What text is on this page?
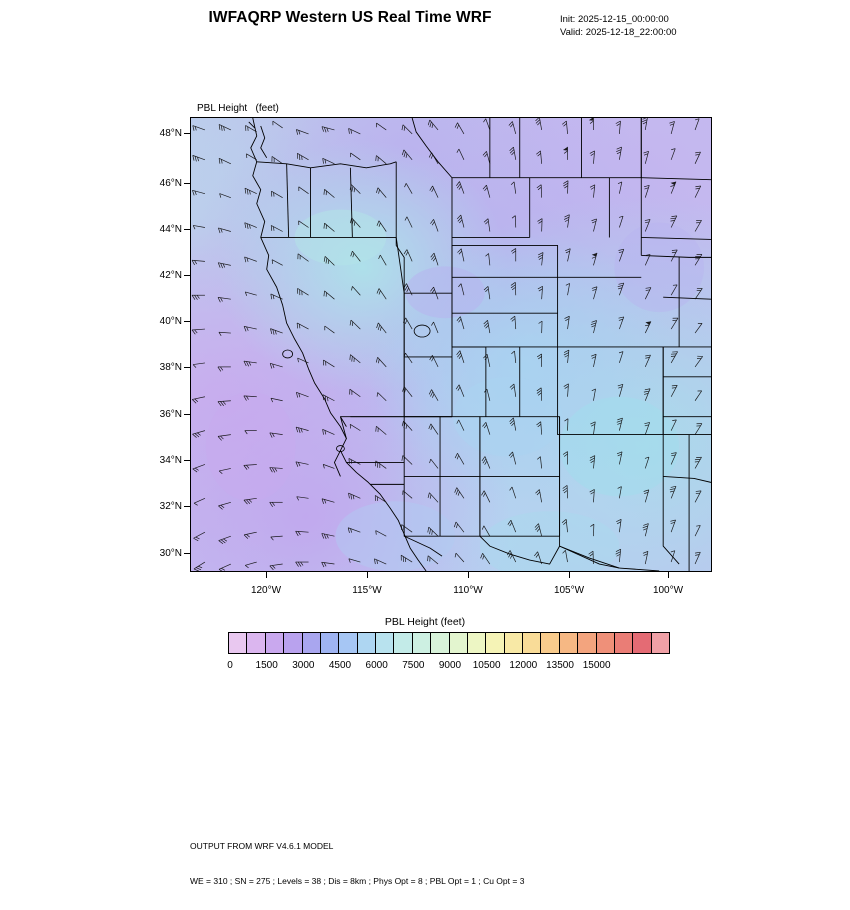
IWFAQRP Western US Real Time WRF	Init: 2025-12-15_00:00:00
Valid: 2025-12-18_22:00:00

PBL Height   (feet)

48°N
46°N
44°N
42°N
40°N
38°N
36°N
34°N
32°N
30°N
120°W	115°W	110°W	105°W	100°W
PBL Height (feet)
0	1500	3000	4500	6000	7500	9000	10500 12000 13500 15000

OUTPUT FROM WRF V4.6.1 MODEL

WE = 310 ; SN = 275 ; Levels = 38 ; Dis = 8km ; Phys Opt = 8 ; PBL Opt = 1 ; Cu Opt = 3
